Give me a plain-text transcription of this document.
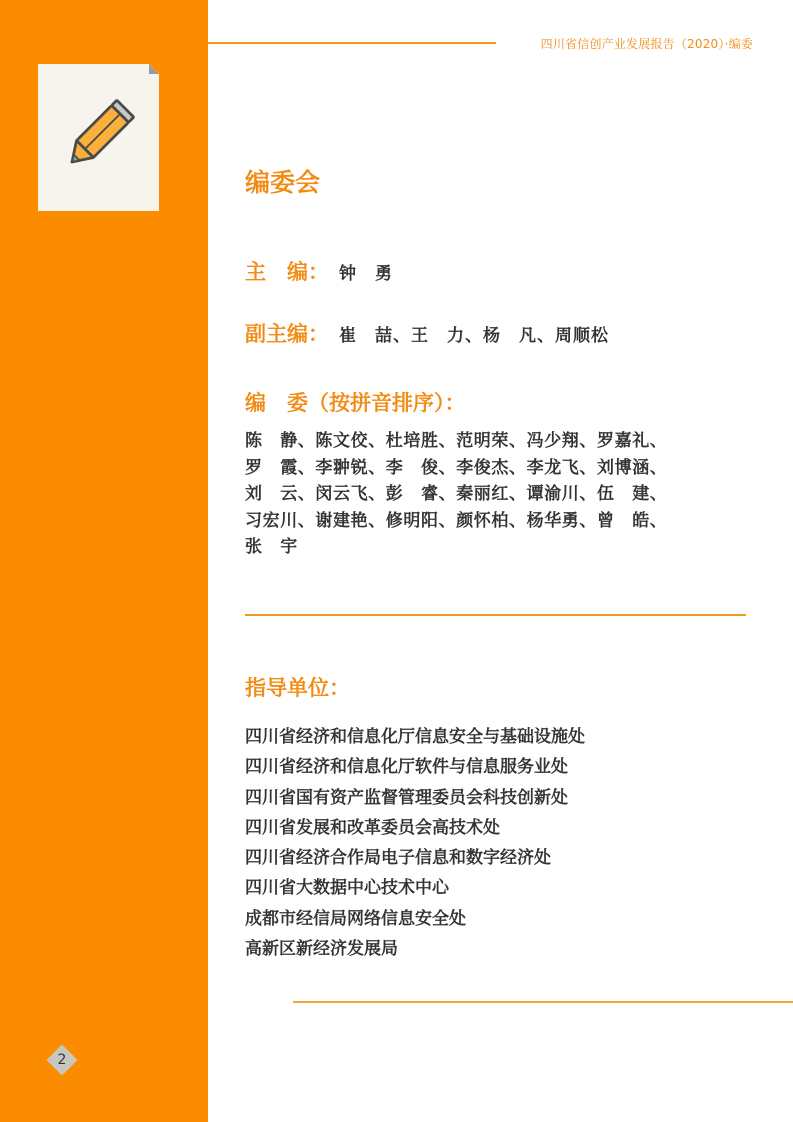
四川省信创产业发展报告（2020）·编委
编委会
主　编： 钟　勇
副主编： 崔　喆、王　力、杨　凡、周顺松
编　委（按拼音排序）：
陈　静、陈文佼、杜培胜、范明荣、冯少翔、罗嘉礼、
罗　霞、李翀锐、李　俊、李俊杰、李龙飞、刘博涵、
刘　云、闵云飞、彭　睿、秦丽红、谭渝川、伍　建、
习宏川、谢建艳、修明阳、颜怀柏、杨华勇、曾　皓、
张　宇
指导单位：
四川省经济和信息化厅信息安全与基础设施处
四川省经济和信息化厅软件与信息服务业处
四川省国有资产监督管理委员会科技创新处
四川省发展和改革委员会高技术处
四川省经济合作局电子信息和数字经济处
四川省大数据中心技术中心
成都市经信局网络信息安全处
高新区新经济发展局
2
